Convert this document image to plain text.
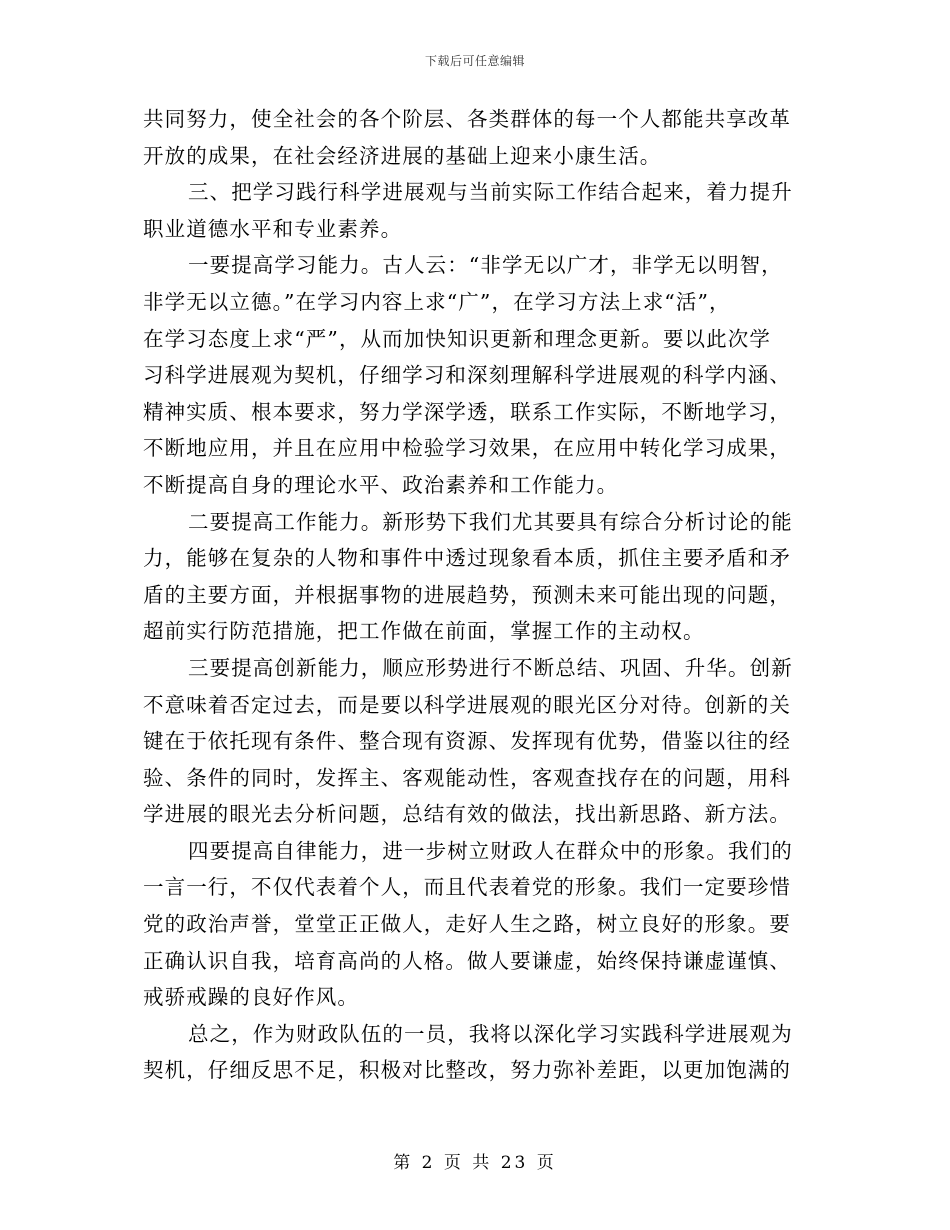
下载后可任意编辑
共同努力，使全社会的各个阶层、各类群体的每一个人都能共享改革
开放的成果，在社会经济进展的基础上迎来小康生活。
三、把学习践行科学进展观与当前实际工作结合起来，着力提升
职业道德水平和专业素养。
一要提高学习能力。古人云：“非学无以广才，非学无以明智，
非学无以立德。”在学习内容上求“广”，在学习方法上求“活”，
在学习态度上求“严”，从而加快知识更新和理念更新。要以此次学
习科学进展观为契机，仔细学习和深刻理解科学进展观的科学内涵、
精神实质、根本要求，努力学深学透，联系工作实际，不断地学习，
不断地应用，并且在应用中检验学习效果，在应用中转化学习成果，
不断提高自身的理论水平、政治素养和工作能力。
二要提高工作能力。新形势下我们尤其要具有综合分析讨论的能
力，能够在复杂的人物和事件中透过现象看本质，抓住主要矛盾和矛
盾的主要方面，并根据事物的进展趋势，预测未来可能出现的问题，
超前实行防范措施，把工作做在前面，掌握工作的主动权。
三要提高创新能力，顺应形势进行不断总结、巩固、升华。创新
不意味着否定过去，而是要以科学进展观的眼光区分对待。创新的关
键在于依托现有条件、整合现有资源、发挥现有优势，借鉴以往的经
验、条件的同时，发挥主、客观能动性，客观查找存在的问题，用科
学进展的眼光去分析问题，总结有效的做法，找出新思路、新方法。
四要提高自律能力，进一步树立财政人在群众中的形象。我们的
一言一行，不仅代表着个人，而且代表着党的形象。我们一定要珍惜
党的政治声誉，堂堂正正做人，走好人生之路，树立良好的形象。要
正确认识自我，培育高尚的人格。做人要谦虚，始终保持谦虚谨慎、
戒骄戒躁的良好作风。
总之，作为财政队伍的一员，我将以深化学习实践科学进展观为
契机，仔细反思不足，积极对比整改，努力弥补差距，以更加饱满的
第 2 页 共 23 页
